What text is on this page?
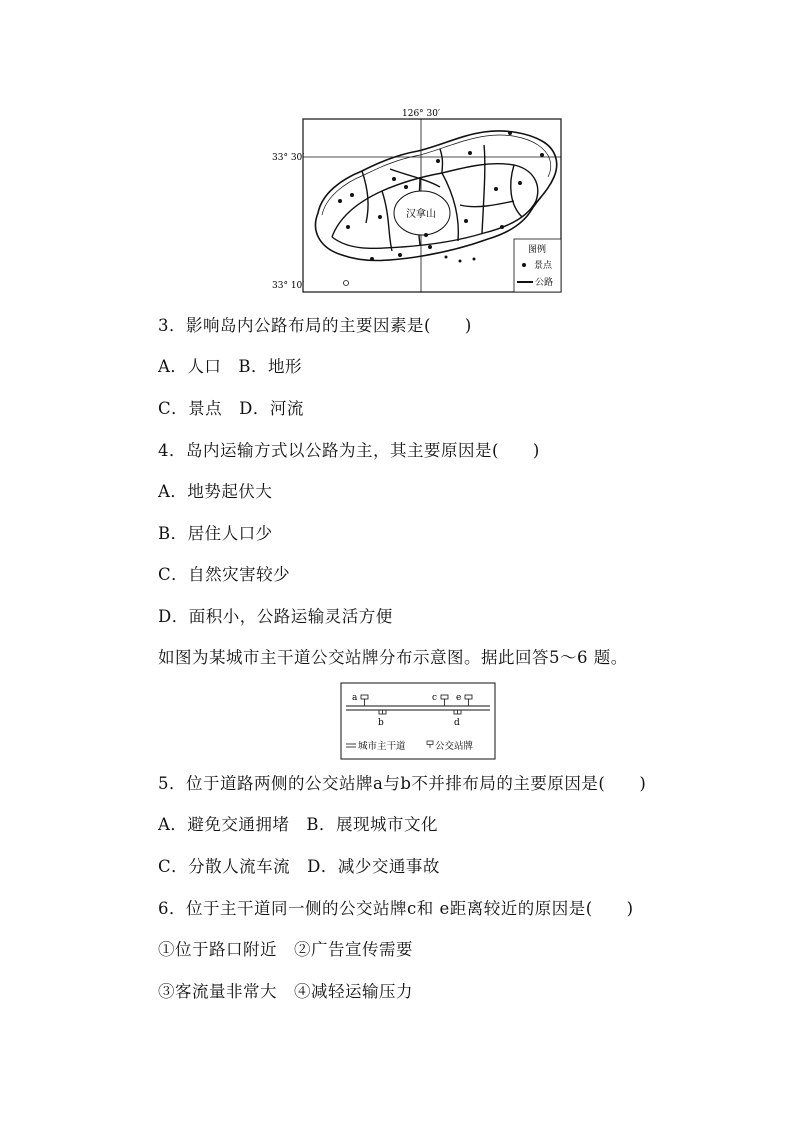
126° 30′
33° 30′
33° 10′
汉拿山
图例
景点
公路
3．影响岛内公路布局的主要因素是(　　)
A．人口　B．地形
C．景点　D．河流
4．岛内运输方式以公路为主，其主要原因是(　　)
A．地势起伏大
B．居住人口少
C．自然灾害较少
D．面积小，公路运输灵活方便
如图为某城市主干道公交站牌分布示意图。据此回答5～6 题。
a
b
c e
d
城市主干道	公交站牌
5．位于道路两侧的公交站牌a与b不并排布局的主要原因是(　　)
A．避免交通拥堵　B．展现城市文化
C．分散人流车流　D．减少交通事故
6．位于主干道同一侧的公交站牌c和 e距离较近的原因是(　　)
①位于路口附近　②广告宣传需要
③客流量非常大　④减轻运输压力
